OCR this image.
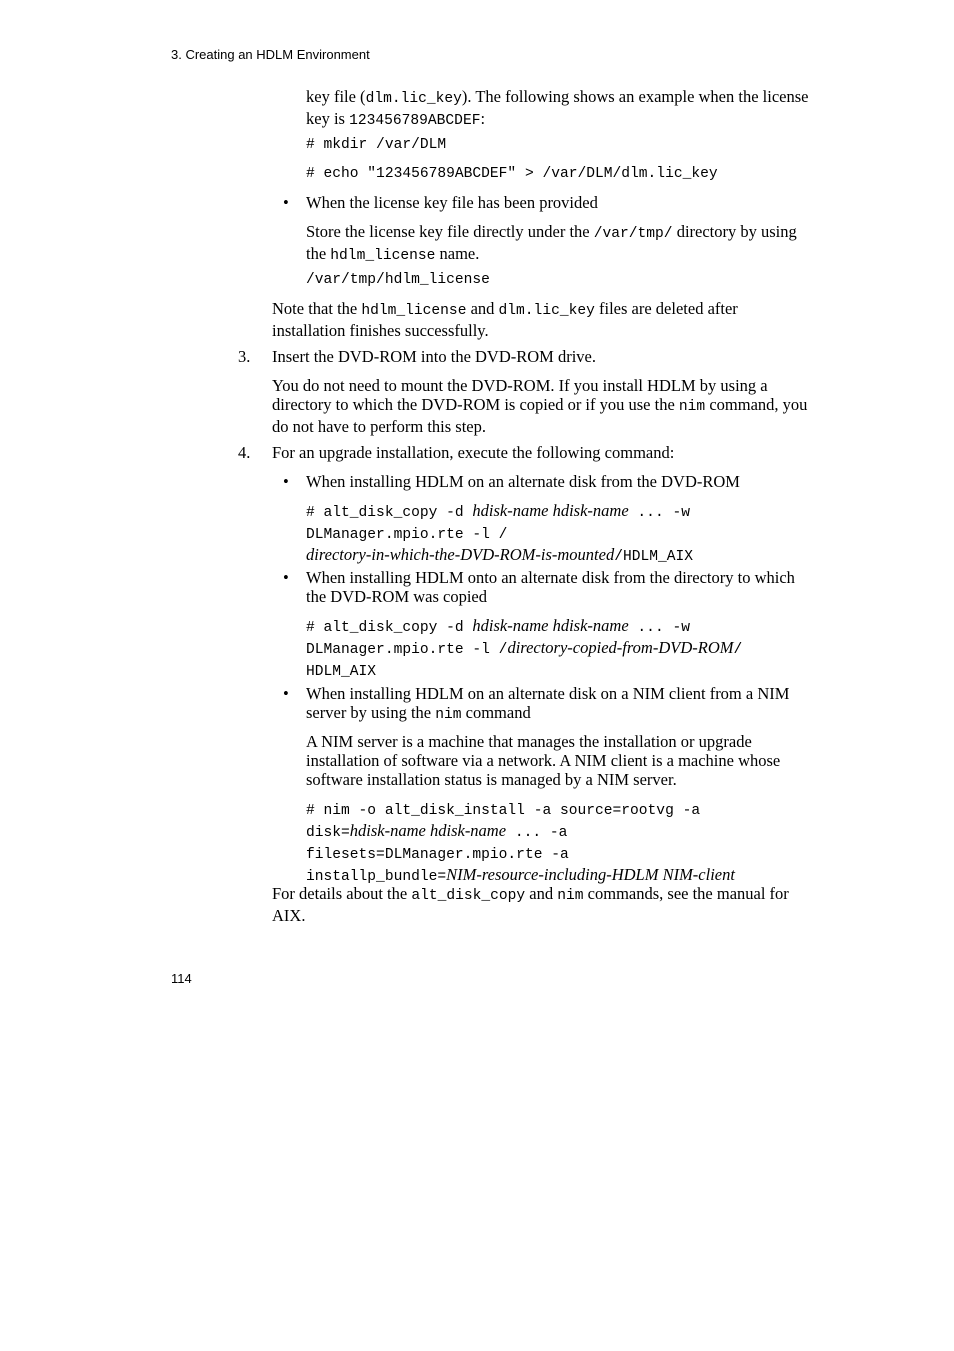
3. Creating an HDLM Environment
key file (dlm.lic_key). The following shows an example when the license
key is 123456789ABCDEF:
# mkdir /var/DLM
# echo "123456789ABCDEF" > /var/DLM/dlm.lic_key
• When the license key file has been provided
Store the license key file directly under the /var/tmp/ directory by using
the hdlm_license name.
/var/tmp/hdlm_license
Note that the hdlm_license and dlm.lic_key files are deleted after
installation finishes successfully.
3. Insert the DVD-ROM into the DVD-ROM drive.
You do not need to mount the DVD-ROM. If you install HDLM by using a
directory to which the DVD-ROM is copied or if you use the nim command, you
do not have to perform this step.
4. For an upgrade installation, execute the following command:
• When installing HDLM on an alternate disk from the DVD-ROM
# alt_disk_copy -d hdisk-name hdisk-name ... -w
DLManager.mpio.rte -l /
directory-in-which-the-DVD-ROM-is-mounted/HDLM_AIX
• When installing HDLM onto an alternate disk from the directory to which
the DVD-ROM was copied
# alt_disk_copy -d hdisk-name hdisk-name ... -w
DLManager.mpio.rte -l /directory-copied-from-DVD-ROM/
HDLM_AIX
• When installing HDLM on an alternate disk on a NIM client from a NIM
server by using the nim command
A NIM server is a machine that manages the installation or upgrade
installation of software via a network. A NIM client is a machine whose
software installation status is managed by a NIM server.
# nim -o alt_disk_install -a source=rootvg -a
disk=hdisk-name hdisk-name ... -a
filesets=DLManager.mpio.rte -a
installp_bundle=NIM-resource-including-HDLM NIM-client
For details about the alt_disk_copy and nim commands, see the manual for
AIX.
114
